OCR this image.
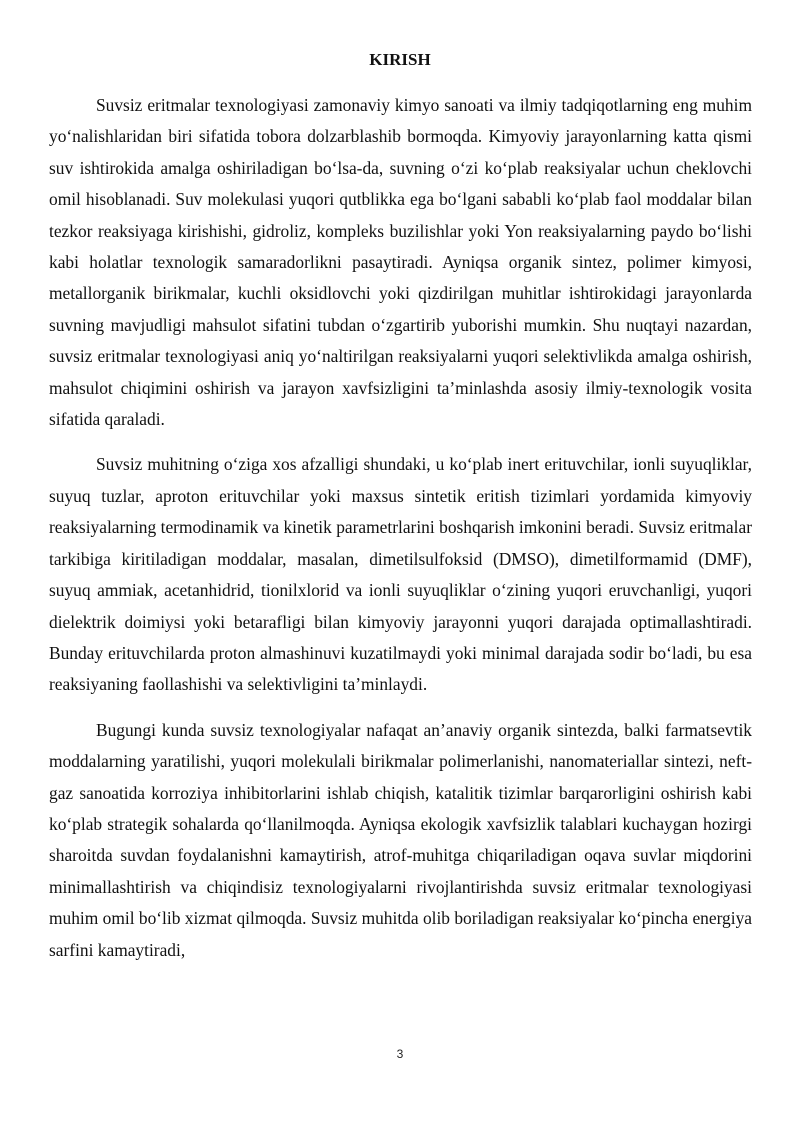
KIRISH

Suvsiz eritmalar texnologiyasi zamonaviy kimyo sanoati va ilmiy tadqiqotlarning eng muhim yoʻnalishlaridan biri sifatida tobora dolzarblashib bormoqda. Kimyoviy jarayonlarning katta qismi suv ishtirokida amalga oshiriladigan boʻlsa-da, suvning oʻzi koʻplab reaksiyalar uchun cheklovchi omil hisoblanadi. Suv molekulasi yuqori qutblikka ega boʻlgani sababli koʻplab faol moddalar bilan tezkor reaksiyaga kirishishi, gidroliz, kompleks buzilishlar yoki Yon reaksiyalarning paydo boʻlishi kabi holatlar texnologik samaradorlikni pasaytiradi. Ayniqsa organik sintez, polimer kimyosi, metallorganik birikmalar, kuchli oksidlovchi yoki qizdirilgan muhitlar ishtirokidagi jarayonlarda suvning mavjudligi mahsulot sifatini tubdan oʻzgartirib yuborishi mumkin. Shu nuqtayi nazardan, suvsiz eritmalar texnologiyasi aniq yoʻnaltirilgan reaksiyalarni yuqori selektivlikda amalga oshirish, mahsulot chiqimini oshirish va jarayon xavfsizligini taʼminlashda asosiy ilmiy-texnologik vosita sifatida qaraladi.

Suvsiz muhitning oʻziga xos afzalligi shundaki, u koʻplab inert erituvchilar, ionli suyuqliklar, suyuq tuzlar, aproton erituvchilar yoki maxsus sintetik eritish tizimlari yordamida kimyoviy reaksiyalarning termodinamik va kinetik parametrlarini boshqarish imkonini beradi. Suvsiz eritmalar tarkibiga kiritiladigan moddalar, masalan, dimetilsulfoksid (DMSO), dimetilformamid (DMF), suyuq ammiak, acetanhidrid, tionilxlorid va ionli suyuqliklar oʻzining yuqori eruvchanligi, yuqori dielektrik doimiysi yoki betarafligi bilan kimyoviy jarayonni yuqori darajada optimallashtiradi. Bunday erituvchilarda proton almashinuvi kuzatilmaydi yoki minimal darajada sodir boʻladi, bu esa reaksiyaning faollashishi va selektivligini taʼminlaydi.

Bugungi kunda suvsiz texnologiyalar nafaqat anʼanaviy organik sintezda, balki farmatsevtik moddalarning yaratilishi, yuqori molekulali birikmalar polimerlanishi, nanomateriallar sintezi, neft-gaz sanoatida korroziya inhibitorlarini ishlab chiqish, katalitik tizimlar barqarorligini oshirish kabi koʻplab strategik sohalarda qoʻllanilmoqda. Ayniqsa ekologik xavfsizlik talablari kuchaygan hozirgi sharoitda suvdan foydalanishni kamaytirish, atrof-muhitga chiqariladigan oqava suvlar miqdorini minimallashtirish va chiqindisiz texnologiyalarni rivojlantirishda suvsiz eritmalar texnologiyasi muhim omil boʻlib xizmat qilmoqda. Suvsiz muhitda olib boriladigan reaksiyalar koʻpincha energiya sarfini kamaytiradi,

3
